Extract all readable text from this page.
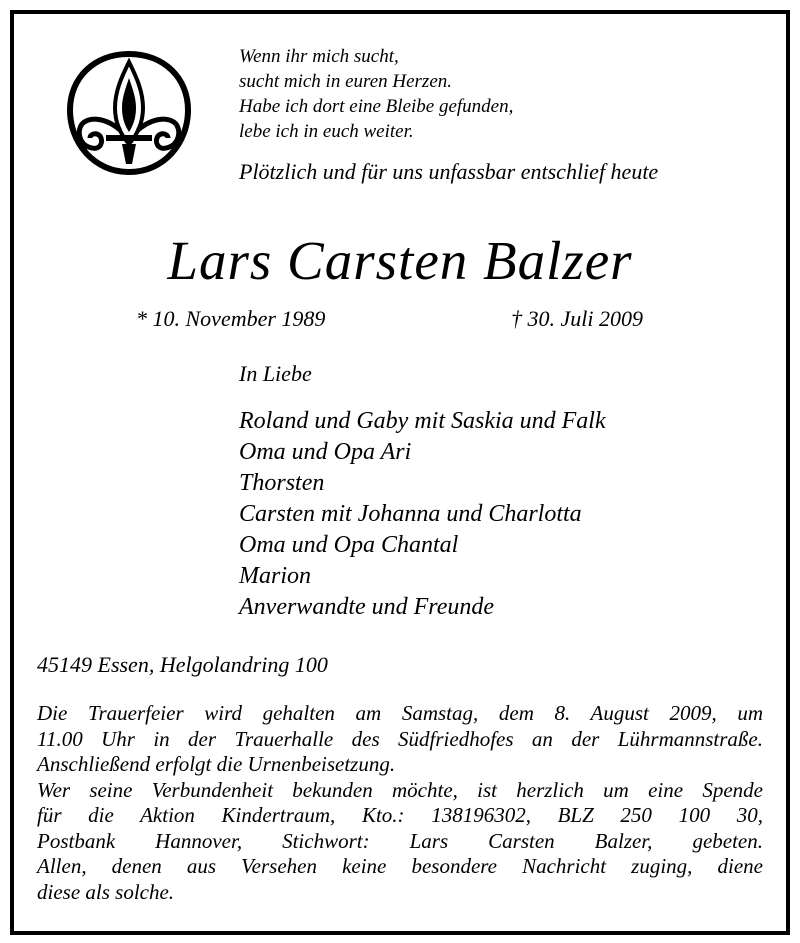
Wenn ihr mich sucht,
sucht mich in euren Herzen.
Habe ich dort eine Bleibe gefunden,
lebe ich in euch weiter.
Plötzlich und für uns unfassbar entschlief heute
Lars Carsten Balzer
* 10. November 1989	† 30. Juli 2009
In Liebe
Roland und Gaby mit Saskia und Falk
Oma und Opa Ari
Thorsten
Carsten mit Johanna und Charlotta
Oma und Opa Chantal
Marion
Anverwandte und Freunde
45149 Essen, Helgolandring 100
Die Trauerfeier wird gehalten am Samstag, dem 8. August 2009, um
11.00 Uhr in der Trauerhalle des Südfriedhofes an der Lührmannstraße.
Anschließend erfolgt die Urnenbeisetzung.
Wer seine Verbundenheit bekunden möchte, ist herzlich um eine Spende
für die Aktion Kindertraum, Kto.: 138196302, BLZ 250 100 30,
Postbank Hannover, Stichwort: Lars Carsten Balzer, gebeten.
Allen, denen aus Versehen keine besondere Nachricht zuging, diene
diese als solche.
